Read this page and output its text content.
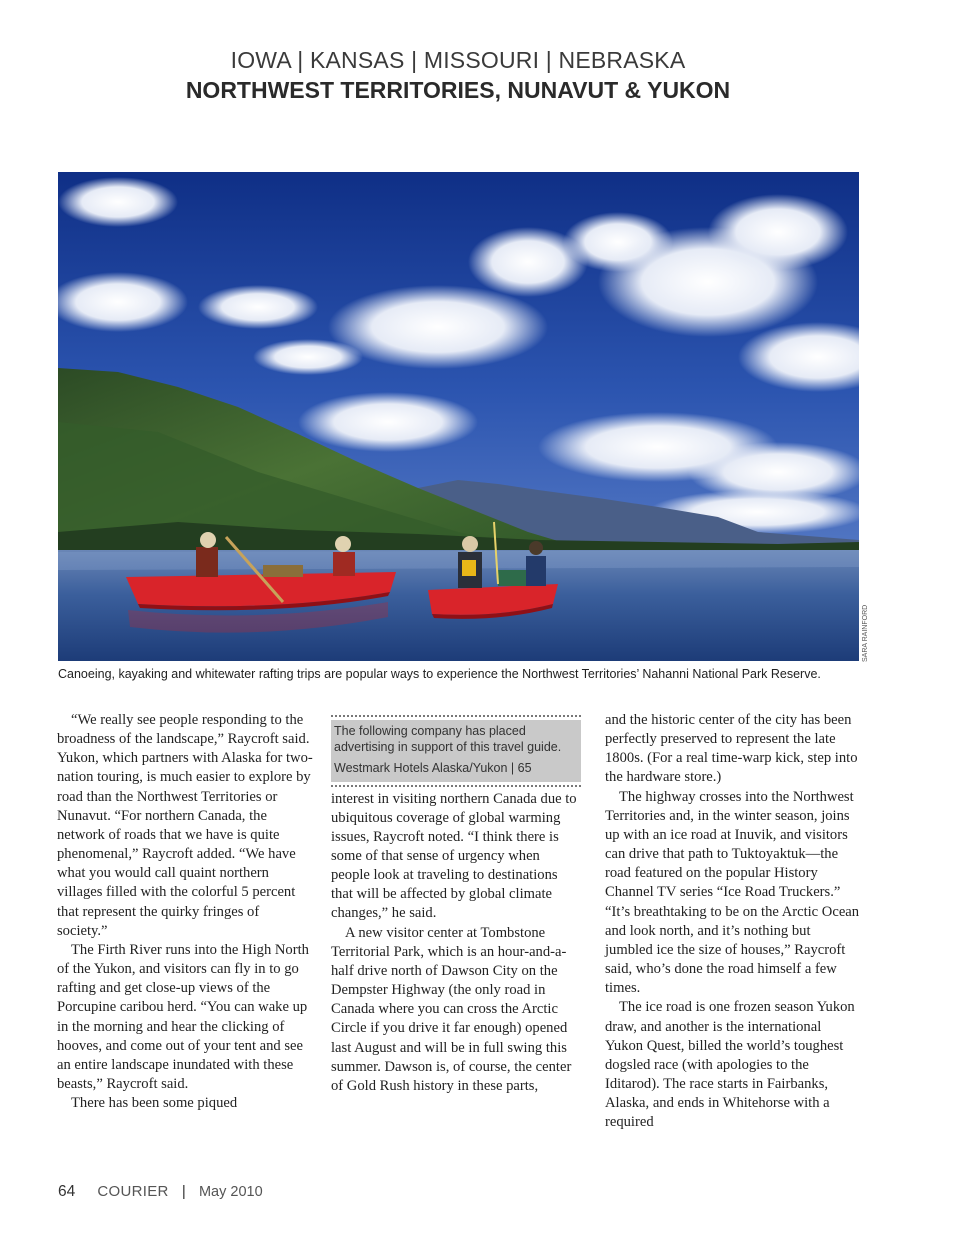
IOWA | KANSAS | MISSOURI | NEBRASKA
NORTHWEST TERRITORIES, NUNAVUT & YUKON
SARA RAINFORD
Canoeing, kayaking and whitewater rafting trips are popular ways to experience the Northwest Territories’ Nahanni National Park Reserve.

“We really see people responding to the broadness of the landscape,” Raycroft said. Yukon, which partners with Alaska for two-nation touring, is much easier to explore by road than the Northwest Territories or Nunavut. “For northern Canada, the network of roads that we have is quite phenomenal,” Raycroft added. “We have what you would call quaint northern villages filled with the colorful 5 percent that represent the quirky fringes of society.”

The Firth River runs into the High North of the Yukon, and visitors can fly in to go rafting and get close-up views of the Porcupine caribou herd. “You can wake up in the morning and hear the clicking of hooves, and come out of your tent and see an entire landscape inundated with these beasts,” Raycroft said.

There has been some piqued

The following company has placed advertising in support of this travel guide.
Westmark Hotels Alaska/Yukon | 65

interest in visiting northern Canada due to ubiquitous coverage of global warming issues, Raycroft noted. “I think there is some of that sense of urgency when people look at traveling to destinations that will be affected by global climate changes,” he said.

A new visitor center at Tombstone Territorial Park, which is an hour-and-a-half drive north of Dawson City on the Dempster Highway (the only road in Canada where you can cross the Arctic Circle if you drive it far enough) opened last August and will be in full swing this summer. Dawson is, of course, the center of Gold Rush history in these parts,

and the historic center of the city has been perfectly preserved to represent the late 1800s. (For a real time-warp kick, step into the hardware store.)

The highway crosses into the Northwest Territories and, in the winter season, joins up with an ice road at Inuvik, and visitors can drive that path to Tuktoyaktuk—the road featured on the popular History Channel TV series “Ice Road Truckers.” “It’s breathtaking to be on the Arctic Ocean and look north, and it’s nothing but jumbled ice the size of houses,” Raycroft said, who’s done the road himself a few times.

The ice road is one frozen season Yukon draw, and another is the international Yukon Quest, billed the world’s toughest dogsled race (with apologies to the Iditarod). The race starts in Fairbanks, Alaska, and ends in Whitehorse with a required

64 COURIER | May 2010
